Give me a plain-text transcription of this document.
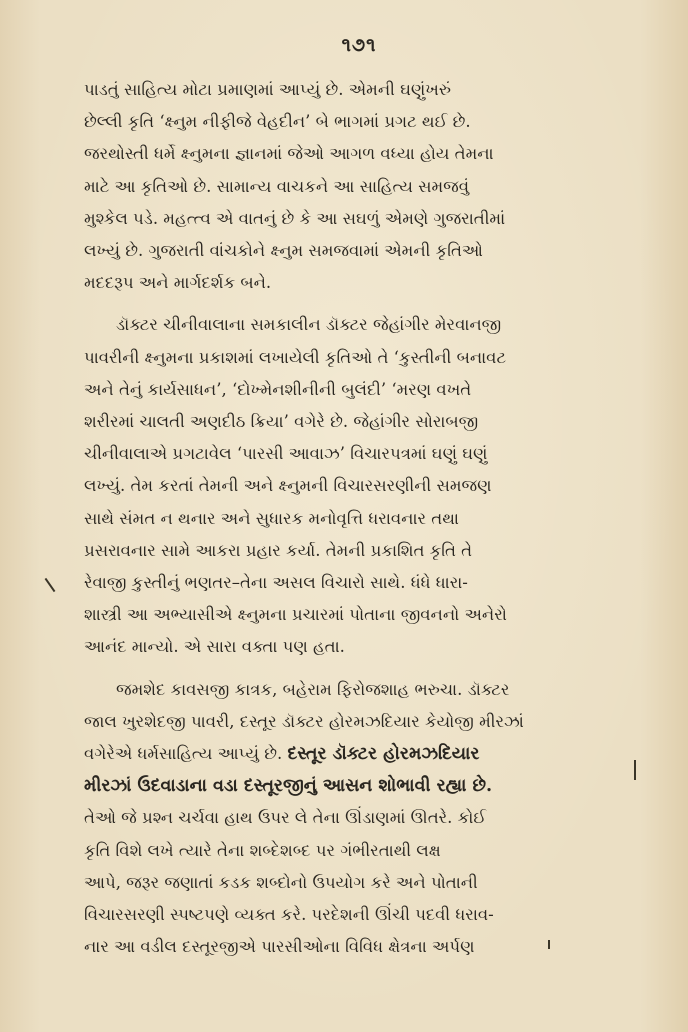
૧૭૧
પાડતું સાહિત્ય મોટા પ્રમાણમાં આપ્યું છે. એમની ઘણુંખરું
છેલ્લી કૃતિ ‘ક્ષ્નુમ નીફીજે વેહદીન’ બે ભાગમાં પ્રગટ થઈ છે.
જરથોસ્તી ધર્મે ક્ષ્નુમના જ્ઞાનમાં જેઓ આગળ વધ્યા હોય તેમના
માટે આ કૃતિઓ છે. સામાન્ય વાચકને આ સાહિત્ય સમજવું
મુશ્કેલ પડે. મહત્ત્વ એ વાતનું છે કે આ સઘળું એમણે ગુજરાતીમાં
લખ્યું છે. ગુજરાતી વાંચકોને ક્ષ્નુમ સમજવામાં એમની કૃતિઓ
મદદરૂપ અને માર્ગદર્શક બને.
ડૉક્ટર ચીનીવાલાના સમકાલીન ડૉક્ટર જેહાંગીર મેરવાનજી
પાવરીની ક્ષ્નુમના પ્રકાશમાં લખાયેલી કૃતિઓ તે ‘કુસ્તીની બનાવટ
અને તેનું કાર્યસાધન’, ‘દોખ્મેનશીનીની બુલંદી’ ‘મરણ વખતે
શરીરમાં ચાલતી અણદીઠ ક્રિયા’ વગેરે છે. જેહાંગીર સોરાબજી
ચીનીવાલાએ પ્રગટાવેલ ‘પારસી આવાઝ’ વિચારપત્રમાં ઘણું ઘણું
લખ્યું. તેમ કરતાં તેમની અને ક્ષ્નુમની વિચારસરણીની સમજણ
સાથે સંમત ન થનાર અને સુધારક મનોવૃત્તિ ધરાવનાર તથા
પ્રસરાવનાર સામે આકરા પ્રહાર કર્યા. તેમની પ્રકાશિત કૃતિ તે
રેવાજી કુસ્તીનું ભણતર–તેના અસલ વિચારો સાથે. ધંધે ધારા-
શાસ્ત્રી આ અભ્યાસીએ ક્ષ્નુમના પ્રચારમાં પોતાના જીવનનો અનેરો
આનંદ માન્યો. એ સારા વક્તા પણ હતા.
જમશેદ કાવસજી કાત્રક, બહેરામ ફિરોજશાહ ભરુચા. ડૉક્ટર
જાલ ખુરશેદજી પાવરી, દસ્તૂર ડૉક્ટર હોરમઝદિયાર કેયોજી મીરઝાં
વગેરેએ ધર્મસાહિત્ય આપ્યું છે. દસ્તૂર ડૉક્ટર હોરમઝદિયાર
મીરઝાં ઉદવાડાના વડા દસ્તૂરજીનું આસન શોભાવી રહ્યા છે.
તેઓ જે પ્રશ્ન ચર્ચવા હાથ ઉપર લે તેના ઊંડાણમાં ઊતરે. કોઈ
કૃતિ વિશે લખે ત્યારે તેના શબ્દેશબ્દ પર ગંભીરતાથી લક્ષ
આપે, જરૂર જણાતાં કડક શબ્દોનો ઉપયોગ કરે અને પોતાની
વિચારસરણી સ્પષ્ટપણે વ્યક્ત કરે. પરદેશની ઊંચી પદવી ધરાવ-
નાર આ વડીલ દસ્તૂરજીએ પારસીઓના વિવિધ ક્ષેત્રના અર્પણ
